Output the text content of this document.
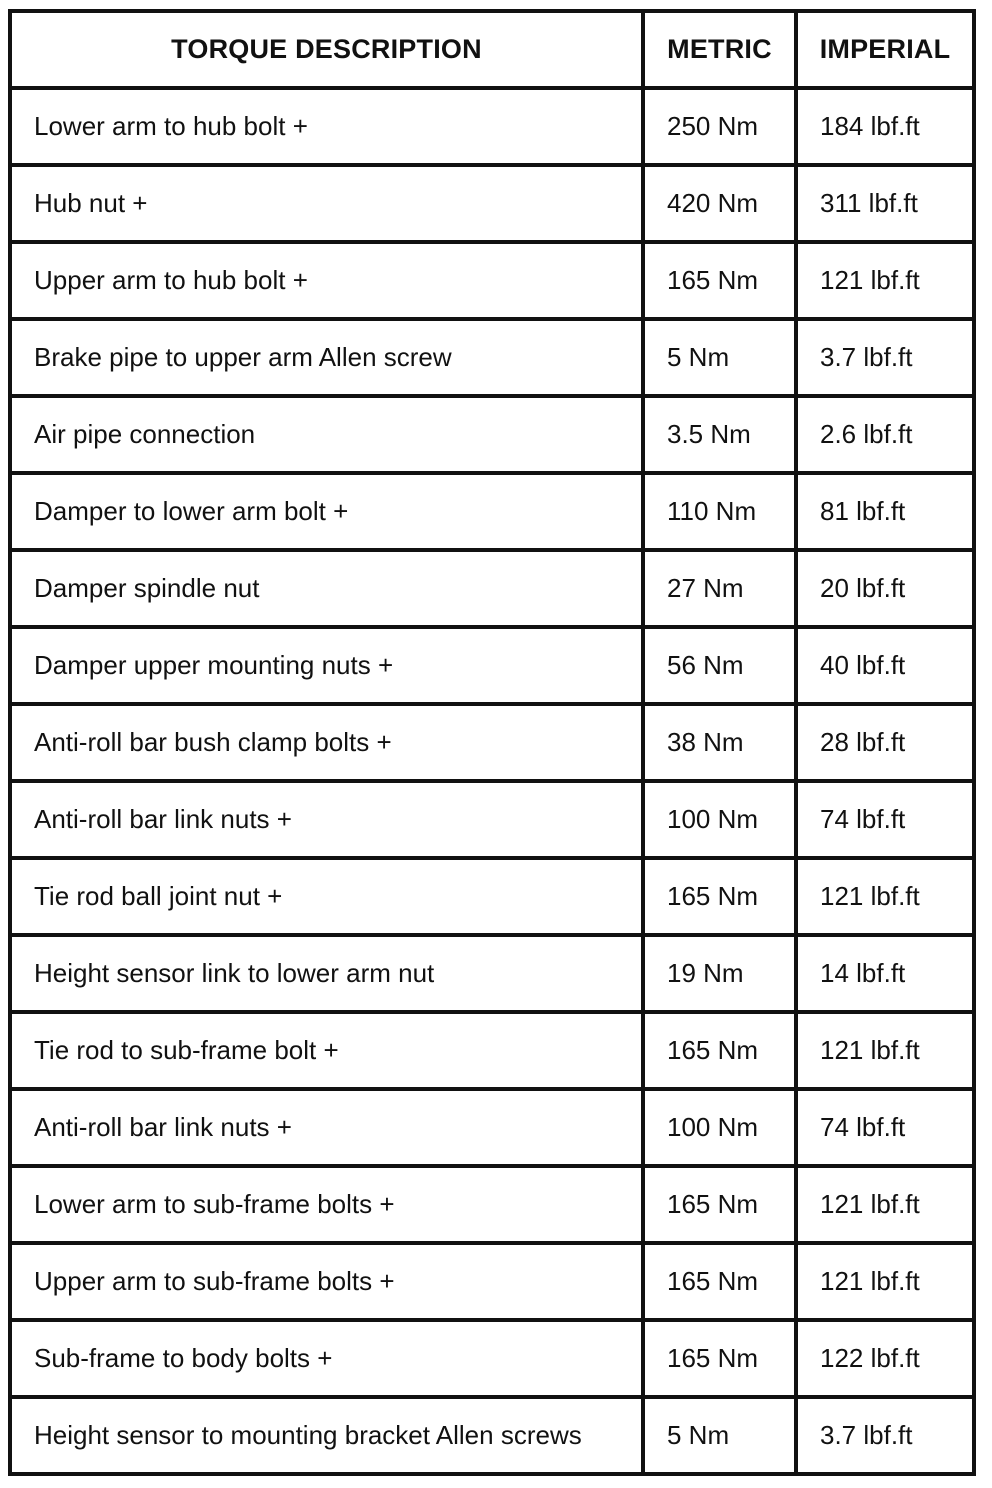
TORQUE DESCRIPTION	METRIC	IMPERIAL
Lower arm to hub bolt +	250 Nm	184 lbf.ft
Hub nut +	420 Nm	311 lbf.ft
Upper arm to hub bolt +	165 Nm	121 lbf.ft
Brake pipe to upper arm Allen screw	5 Nm	3.7 lbf.ft
Air pipe connection	3.5 Nm	2.6 lbf.ft
Damper to lower arm bolt +	110 Nm	81 lbf.ft
Damper spindle nut	27 Nm	20 lbf.ft
Damper upper mounting nuts +	56 Nm	40 lbf.ft
Anti-roll bar bush clamp bolts +	38 Nm	28 lbf.ft
Anti-roll bar link nuts +	100 Nm	74 lbf.ft
Tie rod ball joint nut +	165 Nm	121 lbf.ft
Height sensor link to lower arm nut	19 Nm	14 lbf.ft
Tie rod to sub-frame bolt +	165 Nm	121 lbf.ft
Anti-roll bar link nuts +	100 Nm	74 lbf.ft
Lower arm to sub-frame bolts +	165 Nm	121 lbf.ft
Upper arm to sub-frame bolts +	165 Nm	121 lbf.ft
Sub-frame to body bolts +	165 Nm	122 lbf.ft
Height sensor to mounting bracket Allen screws	5 Nm	3.7 lbf.ft
